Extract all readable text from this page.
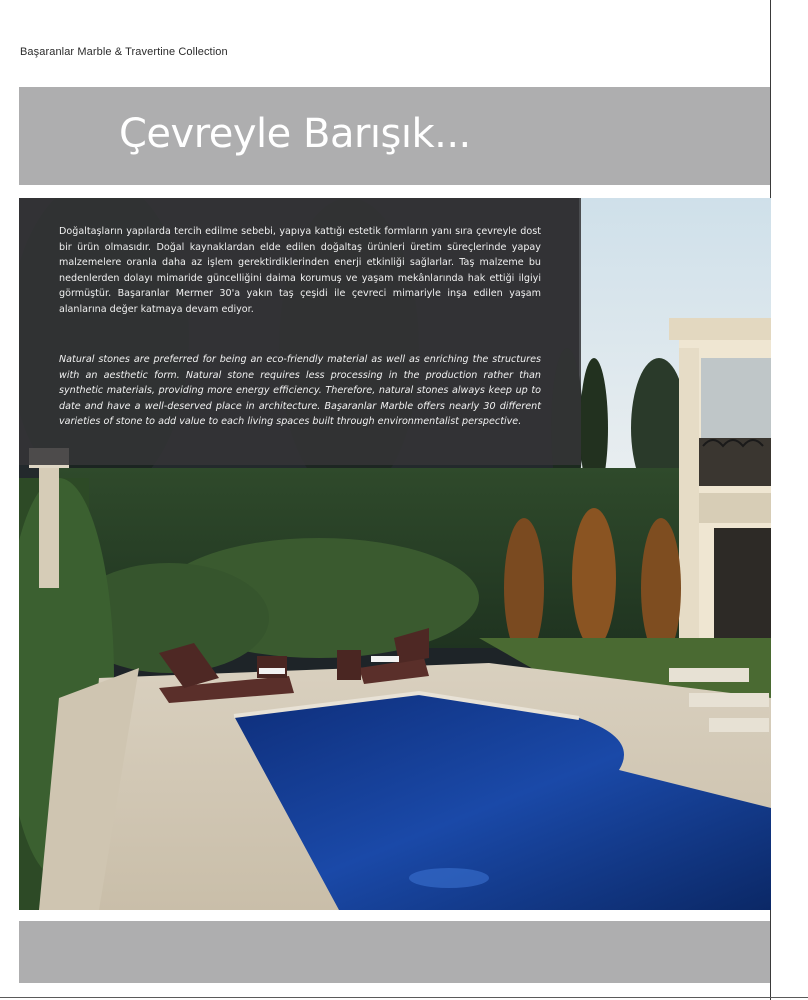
Başaranlar Marble & Travertine Collection
Çevreyle Barışık...

Doğaltaşların yapılarda tercih edilme sebebi, yapıya kattığı estetik formların yanı sıra çevreyle dost bir ürün olmasıdır. Doğal kaynaklardan elde edilen doğaltaş ürünleri üretim süreçlerinde yapay malzemelere oranla daha az işlem gerektirdiklerinden enerji etkinliği sağlarlar. Taş malzeme bu nedenlerden dolayı mimaride güncelliğini daima korumuş ve yaşam mekânlarında hak ettiği ilgiyi görmüştür. Başaranlar Mermer 30'a yakın taş çeşidi ile çevreci mimariyle inşa edilen yaşam alanlarına değer katmaya devam ediyor.

Natural stones are preferred for being an eco-friendly material as well as enriching the structures with an aesthetic form. Natural stone requires less processing in the production rather than synthetic materials, providing more energy efficiency. Therefore, natural stones always keep up to date and have a well-deserved place in architecture. Başaranlar Marble offers nearly 30 different varieties of stone to add value to each living spaces built through environmentalist perspective.
